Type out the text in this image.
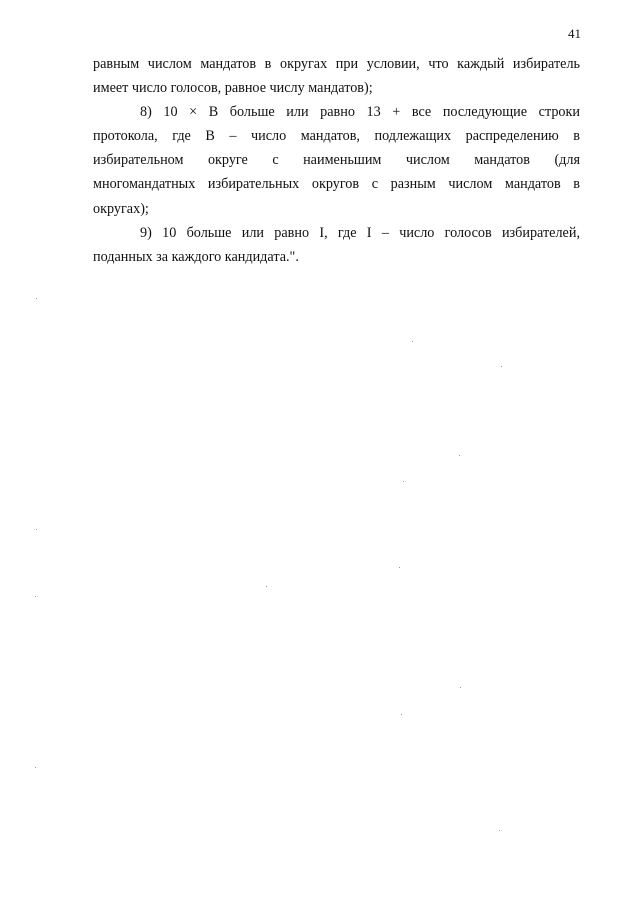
41
равным числом мандатов в округах при условии, что каждый избиратель
имеет число голосов, равное числу мандатов);
8) 10 × B больше или равно 13 + все последующие строки
протокола, где B – число мандатов, подлежащих распределению в
избирательном округе с наименьшим числом мандатов (для
многомандатных избирательных округов с разным числом мандатов в
округах);
9) 10 больше или равно I, где I – число голосов избирателей,
поданных за каждого кандидата.".
